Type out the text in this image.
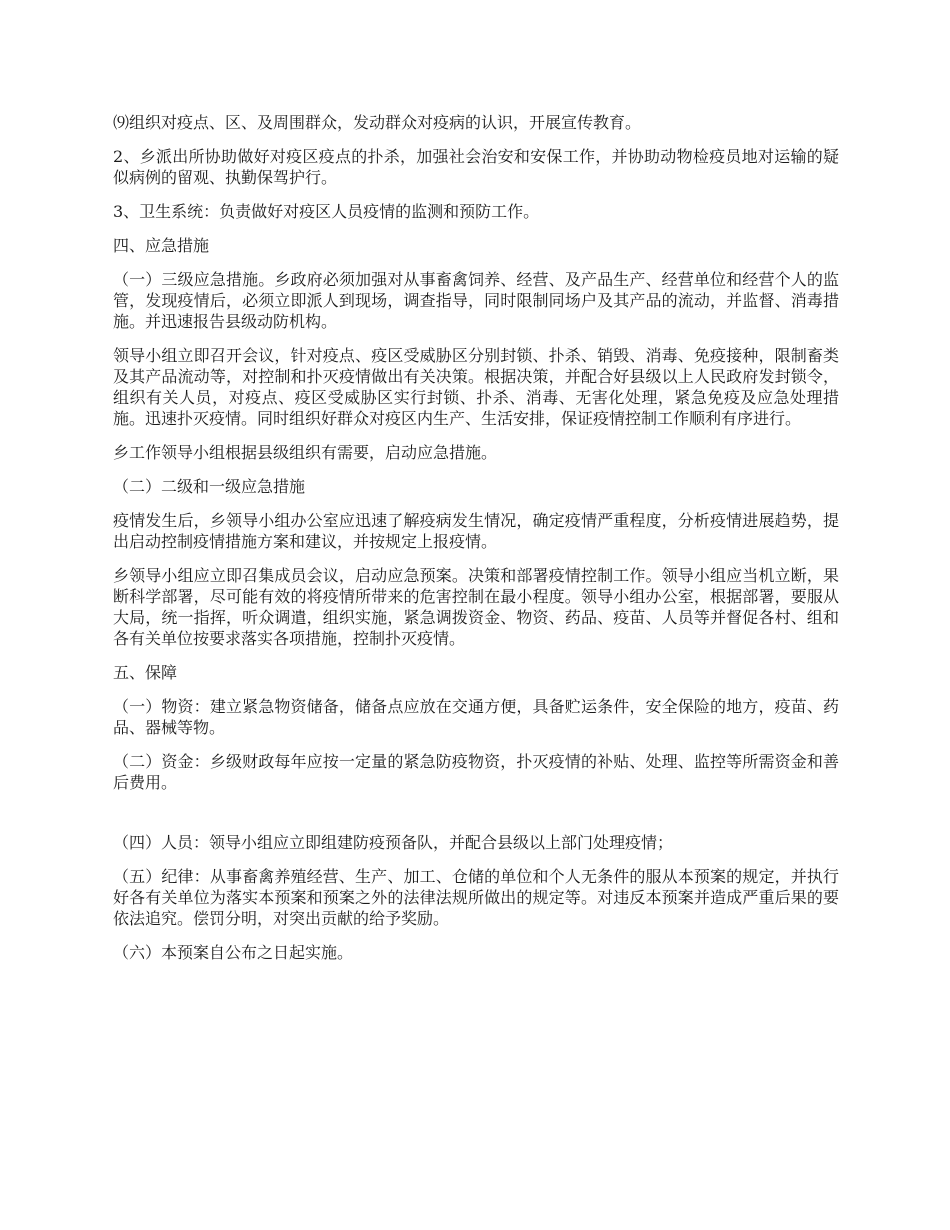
⑼组织对疫点、区、及周围群众，发动群众对疫病的认识，开展宣传教育。

2、乡派出所协助做好对疫区疫点的扑杀，加强社会治安和安保工作，并协助动物检疫员地对运输的疑似病例的留观、执勤保驾护行。

3、卫生系统：负责做好对疫区人员疫情的监测和预防工作。

四、应急措施

（一）三级应急措施。乡政府必须加强对从事畜禽饲养、经营、及产品生产、经营单位和经营个人的监管，发现疫情后，必须立即派人到现场，调查指导，同时限制同场户及其产品的流动，并监督、消毒措施。并迅速报告县级动防机构。

领导小组立即召开会议，针对疫点、疫区受威胁区分别封锁、扑杀、销毁、消毒、免疫接种，限制畜类及其产品流动等，对控制和扑灭疫情做出有关决策。根据决策，并配合好县级以上人民政府发封锁令，组织有关人员，对疫点、疫区受威胁区实行封锁、扑杀、消毒、无害化处理，紧急免疫及应急处理措施。迅速扑灭疫情。同时组织好群众对疫区内生产、生活安排，保证疫情控制工作顺利有序进行。

乡工作领导小组根据县级组织有需要，启动应急措施。

（二）二级和一级应急措施

疫情发生后，乡领导小组办公室应迅速了解疫病发生情况，确定疫情严重程度，分析疫情进展趋势，提出启动控制疫情措施方案和建议，并按规定上报疫情。

乡领导小组应立即召集成员会议，启动应急预案。决策和部署疫情控制工作。领导小组应当机立断，果断科学部署，尽可能有效的将疫情所带来的危害控制在最小程度。领导小组办公室，根据部署，要服从大局，统一指挥，听众调遣，组织实施，紧急调拨资金、物资、药品、疫苗、人员等并督促各村、组和各有关单位按要求落实各项措施，控制扑灭疫情。

五、保障

（一）物资：建立紧急物资储备，储备点应放在交通方便，具备贮运条件，安全保险的地方，疫苗、药品、器械等物。

（二）资金：乡级财政每年应按一定量的紧急防疫物资，扑灭疫情的补贴、处理、监控等所需资金和善后费用。

（四）人员：领导小组应立即组建防疫预备队，并配合县级以上部门处理疫情；

（五）纪律：从事畜禽养殖经营、生产、加工、仓储的单位和个人无条件的服从本预案的规定，并执行好各有关单位为落实本预案和预案之外的法律法规所做出的规定等。对违反本预案并造成严重后果的要依法追究。偿罚分明，对突出贡献的给予奖励。

（六）本预案自公布之日起实施。
